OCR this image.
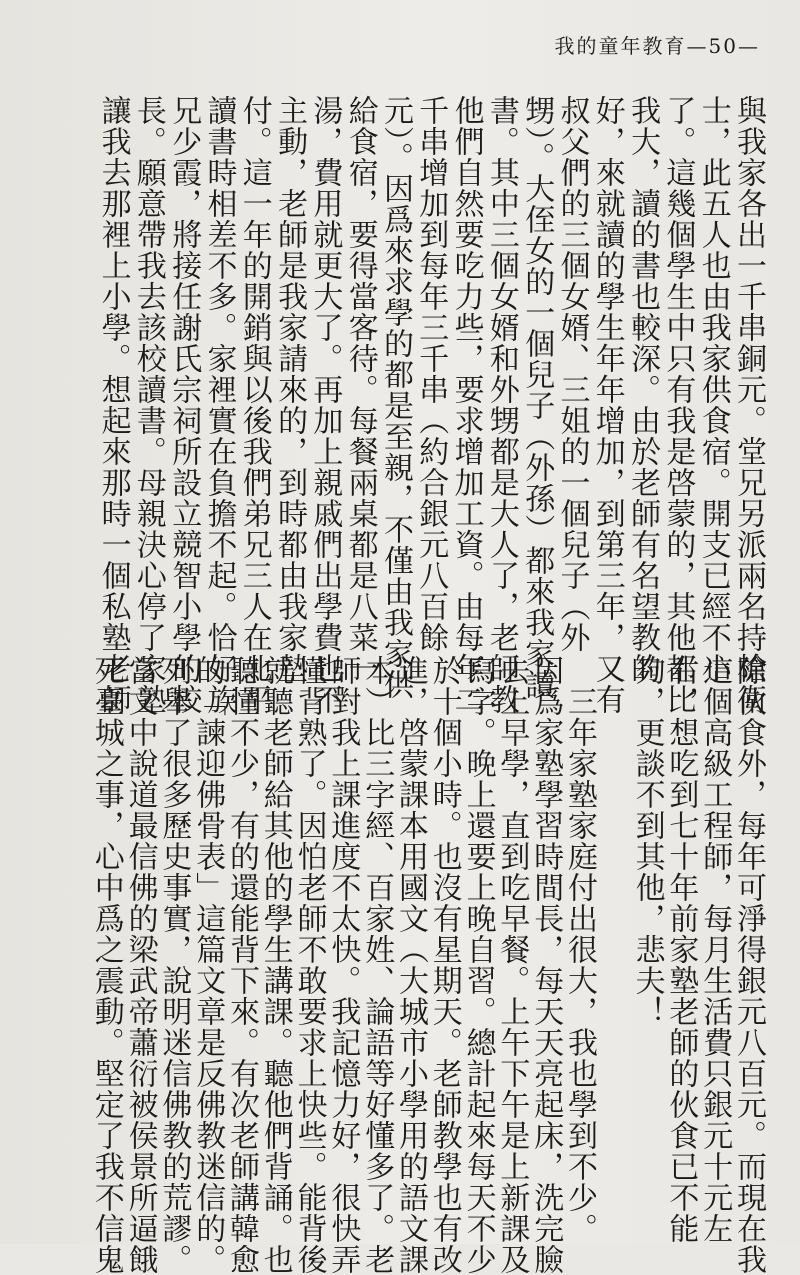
我的童年教育—50—
與我家各出一千串銅元。堂兄另派兩名持槍衛
士，此五人也由我家供食宿。開支已經不小
了。這幾個學生中只有我是啓蒙的，其他都比
我大，讀的書也較深。由於老師有名望教的
好，來就讀的學生年年增加，到第三年，又有
叔父們的三個女婿、三姐的一個兒子（外
甥）。大侄女的一個兒子（外孫）都來我家讀
書。其中三個女婿和外甥都是大人了，老師教
他們自然要吃力些，要求增加工資。由每年二
千串增加到每年三千串（約合銀元八百餘
元）。因爲來求學的都是至親，不僅由我家供
給食宿，要得當客待。每餐兩桌都是八菜一
湯，費用就更大了。再加上親戚們出學費也不
主動，老師是我家請來的，到時都由我家墊
付。這一年的開銷與以後我們弟兄三人在北平
讀書時相差不多。家裡實在負擔不起。恰好族
兄少霞，將接任謝氏宗祠所設立競智小學的校
長。願意帶我去該校讀書。母親決心停了家塾
讓我去那裡上小學。想起來那時一個私塾老師
除伙食外，每年可淨得銀元八百元。而現在我
這個高級工程師，每月生活費只銀元十元左
右，想吃到七十年前家塾老師的伙食已不能
夠，更談不到其他，悲夫！
　三年家塾家庭付出很大，我也學到不少。
因爲家塾學習時間長，每天天亮起床，洗完臉
去上早學，直到吃早餐。上午下午是上新課及
寫字。晚上還要上晚自習。總計起來每天不少
於十個小時。也沒有星期天。老師教學也有改
進，啓蒙課本用國文（大城市小學用的語文課
本）比三字經、百家姓、論語等好懂多了。老
師對我上課進度不太快。我記憶力好，很快弄
懂背熟了。因怕老師不敢要求上快些。能背後
就聽老師給其他的學生講課。聽他們背誦。也
聽懂不少，有的還能背下來。有次老師講韓愈
的「諫迎佛骨表」這篇文章是反佛教迷信的。
列舉了很多歷史事實，說明迷信佛教的荒謬。
當文中說道最信佛的梁武帝蕭衍被侯景所逼餓
死臺城之事，心中爲之震動。堅定了我不信鬼
